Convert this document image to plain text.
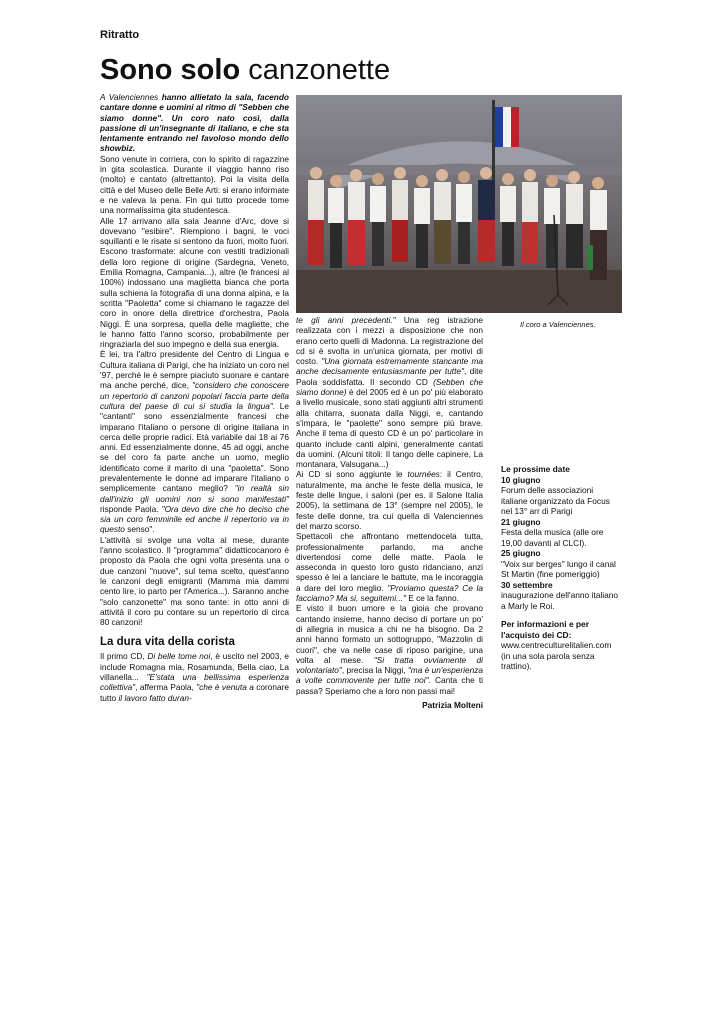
Ritratto
Sono solo canzonette

A Valenciennes hanno allietato la sala, facendo cantare donne e uomini al ritmo di "Sebben che siamo donne". Un coro nato così, dalla passione di un'insegnante di italiano, e che sta lentamente entrando nel favoloso mondo dello showbiz.

Sono venute in corriera, con lo spirito di ragazzine in gita scolastica. Durante il viaggio hanno riso (molto) e cantato (altrettanto). Poi la visita della città e del Museo delle Belle Arti: si erano informate e ne valeva la pena. Fin qui tutto procede tome una normalissima gita studentesca.

Alle 17 arrivano alla sala Jeanne d'Arc, dove si dovevano "esibire". Riempiono i bagni, le voci squillanti e le risate si sentono da fuori, molto fuori. Escono trasformate: alcune con vestiti tradizionali della loro regione di origine (Sardegna, Veneto, Emilia Romagna, Campania...), altre (le francesi al 100%) indossano una maglietta bianca che porta sulla schiena la fotografia di una donna alpina, e la scritta "Paoletta" come si chiamano le ragazze del coro in onore della direttrice d'orchestra, Paola Niggi. È una sorpresa, quella delle magliette, che le hanno fatto l'anno scorso, probabilmente per ringraziarla del suo impegno e della sua energia.

È lei, tra l'altro presidente del Centro di Lingua e Cultura italiana di Parigi, che ha iniziato un coro nel '97, perché le è sempre piaciuto suonare e cantare ma anche perché, dice, "considero che conoscere un repertorio di canzoni popolari faccia parte della cultura del paese di cui si studia la lingua". Le "cantanti" sono essenzialmente francesi che imparano l'italiano o persone di origine italiana in cerca delle proprie radici. Età variabile dai 18 ai 76 anni. Ed essenzialmente donne, 45 ad oggi, anche se del coro fa parte anche un uomo, meglio identificato come il marito di una "paoletta". Sono prevalentemente le donne ad imparare l'italiano o semplicemente cantano meglio? "in realtà sin dall'inizio gli uomini non si sono manifestati" risponde Paola. "Ora devo dire che ho deciso che sia un coro femminile ed anche il repertorio va in questo senso".

L'attività si svolge una volta al mese, durante l'anno scolastico. Il "programma" didatticocanoro è proposto da Paola che ogni volta presenta una o due canzoni "nuove", sul tema scelto, quest'anno le canzoni degli emigranti (Mamma mia dammi cento lire, io parto per l'America...). Saranno anche "solo canzonette" ma sono tante: in otto anni di attività il coro pu contare su un repertorio di circa 80 canzoni!

La dura vita della corista

Il primo CD, Di belle tome noi, è uscito nel 2003, e include Romagna mia, Rosamunda, Bella ciao, La villanella... "E'stata una bellissima esperienza collettiva", afferma Paola, "che è venuta a coronare tutto il lavoro fatto duran-

Il coro a Valenciennes.

te gli anni precedenti." Una reg istrazione realizzata con i mezzi a disposizione che non erano certo quelli di Madonna. La registrazione del cd si è svolta in un'unica giornata, per motivi di costo. "Una giornata estremamente stancante ma anche decisamente entusiasmante per tutte", dite Paola soddisfatta. Il secondo CD (Sebben che siamo donne) è del 2005 ed è un po' più elaborato a livello musicale, sono stati aggiunti altri strumenti alla chitarra, suonata dalla Niggi, e, cantando s'impara, le "paolette" sono sempre più brave. Anche il tema di questo CD è un po' particolare in quanto include canti alpini, generalmente cantati da uomini. (Alcuni titoli: Il tango delle capinere, La montanara, Valsugana...)

Ai CD si sono aggiunte le tournées: il Centro, naturalmente, ma anche le feste della musica, le feste delle lingue, i saloni (per es. il Salone Italia 2005), la settimana de 13° (sempre nel 2005), le feste delle donne, tra cui quella di Valenciennes del marzo scorso.

Spettacoli che affrontano mettendocela tutta, professionalmente parlando, ma anche divertendosi come delle matte. Paola le asseconda in questo loro gusto ridanciano, anzi spesso è lei a lanciare le battute, ma le incoraggia a dare del loro meglio. "Proviamo questa? Ce la facciamo? Ma si, seguitemi..." E ce la fanno.

E visto il buon umore e la gioia che provano cantando insieme, hanno deciso di portare un po' di allegria in musica a chi ne ha bisogno. Da 2 anni hanno formato un sottogruppo, "Mazzolin di cuori", che va nelle case di riposo parigine, una volta al mese. "Si tratta ovviamente di volontariato", precisa la Niggi, "ma è un'esperienza a volte commovente per tutte noi". Canta che ti passa? Speriamo che a loro non passi mai!

Patrizia Molteni
Le prossime date
10 giugno
Forum delle associazioni italiane organizzato da Focus nel 13° arr di Parigi
21 giugno
Festa della musica (alle ore 19,00 davanti al CLCI).
25 giugno
"Voix sur berges" lungo il canal St Martin (fine pomeriggio)
30 settembre
inaugurazione dell'anno italiano a Marly le Roi.
Per informazioni e per l'acquisto dei CD:
www.centreculturelitalien.com (in una sola parola senza trattino).
